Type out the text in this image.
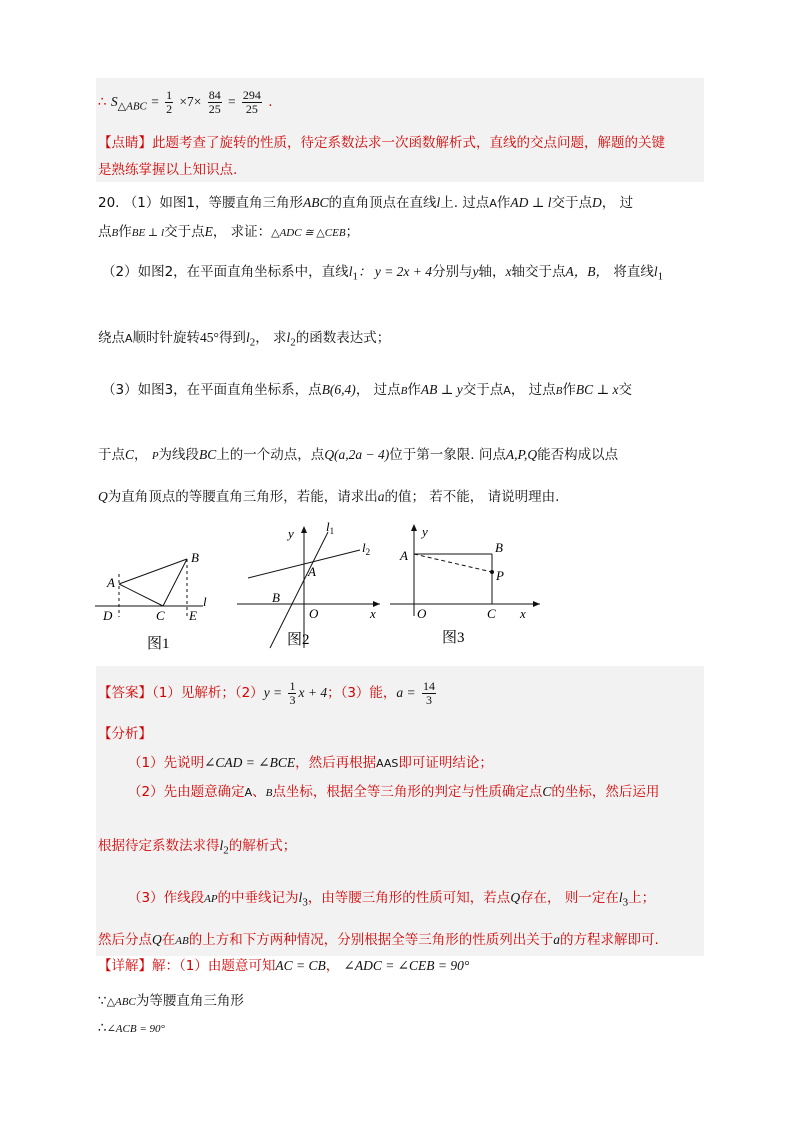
∴ $S_{\triangle ABC} = \frac{1}{2} \times 7\times \frac{84}{25} = \frac{294}{25}$ .
【点睛】此题考查了旋转的性质，待定系数法求一次函数解析式，直线的交点问题，解题的关键
是熟练掌握以上知识点.
20. （1）如图1，等腰直角三角形ABC的直角顶点在直线l上. 过点A作AD ⊥ l交于点D， 过
点B作BE ⊥ l交于点E， 求证：△ADC ≅ △CEB；
（2）如图2，在平面直角坐标系中，直线$l_1$： y = 2x + 4分别与y轴，x轴交于点A，B， 将直线$l_1$
绕点A顺时针旋转45°得到$l_2$， 求$l_2$的函数表达式；
（3）如图3，在平面直角坐标系，点B(6,4)， 过点B作AB ⊥ y交于点A， 过点B作BC ⊥ x交
于点C， P为线段BC上的一个动点，点Q(a,2a − 4)位于第一象限. 问点A,P,Q能否构成以点
Q为直角顶点的等腰直角三角形，若能，请求出a的值； 若不能， 请说明理由.
B
A
D	C E
l
图1
y $l_1$
$l_2$
A
B
O	x
图2
y
A
B
P
O	C x
图3
【答案】（1）见解析；$(2)y = \frac{1}{3}$ x + 4；（3）能，$a = \frac{14}{3}$
【分析】
（1）先说明∠CAD = ∠BCE，然后再根据AAS即可证明结论；
（2）先由题意确定A、B点坐标，根据全等三角形的判定与性质确定点C的坐标，然后运用
根据待定系数法求得$l_2$的解析式；
（3）作线段AP的中垂线记为$l_3$，由等腰三角形的性质可知，若点Q存在， 则一定在$l_3$上；
然后分点Q在AB的上方和下方两种情况，分别根据全等三角形的性质列出关于a的方程求解即可.
【详解】解：（1）由题意可知AC = CB， ∠ADC = ∠CEB = 90°
∵△ABC为等腰直角三角形
∴∠ACB = 90°
